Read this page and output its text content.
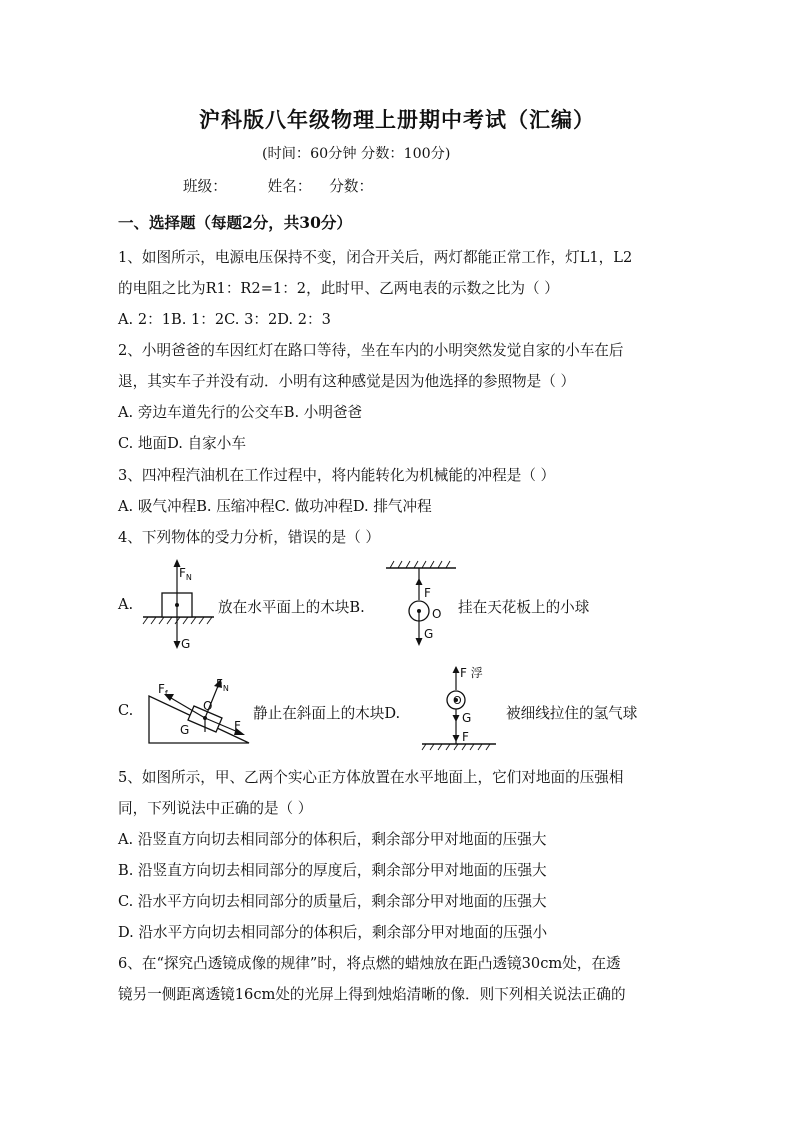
沪科版八年级物理上册期中考试（汇编）
(时间：60分钟 分数：100分)
班级：	姓名： 分数：
一、选择题（每题2分，共30分）
1、如图所示，电源电压保持不变，闭合开关后，两灯都能正常工作，灯L1，L2
的电阻之比为R1：R2=1：2，此时甲、乙两电表的示数之比为（ ）
A. 2：1B. 1：2C. 3：2D. 2：3
2、小明爸爸的车因红灯在路口等待，坐在车内的小明突然发觉自家的小车在后
退，其实车子并没有动．小明有这种感觉是因为他选择的参照物是（ ）
A. 旁边车道先行的公交车B. 小明爸爸
C. 地面D. 自家小车
3、四冲程汽油机在工作过程中，将内能转化为机械能的冲程是（ ）
A. 吸气冲程B. 压缩冲程C. 做功冲程D. 排气冲程
4、下列物体的受力分析，错误的是（ ）
A.
$F_N$
G
放在水平面上的木块B.
F
O
G
挂在天花板上的小球
C.
$F_f$
$F_N$
O
G	F
静止在斜面上的木块D.
F 浮
O
G
F
被细线拉住的氢气球
5、如图所示，甲、乙两个实心正方体放置在水平地面上，它们对地面的压强相
同，下列说法中正确的是（ ）
A. 沿竖直方向切去相同部分的体积后，剩余部分甲对地面的压强大
B. 沿竖直方向切去相同部分的厚度后，剩余部分甲对地面的压强大
C. 沿水平方向切去相同部分的质量后，剩余部分甲对地面的压强大
D. 沿水平方向切去相同部分的体积后，剩余部分甲对地面的压强小
6、在“探究凸透镜成像的规律”时，将点燃的蜡烛放在距凸透镜30cm处，在透
镜另一侧距离透镜16cm处的光屏上得到烛焰清晰的像．则下列相关说法正确的
